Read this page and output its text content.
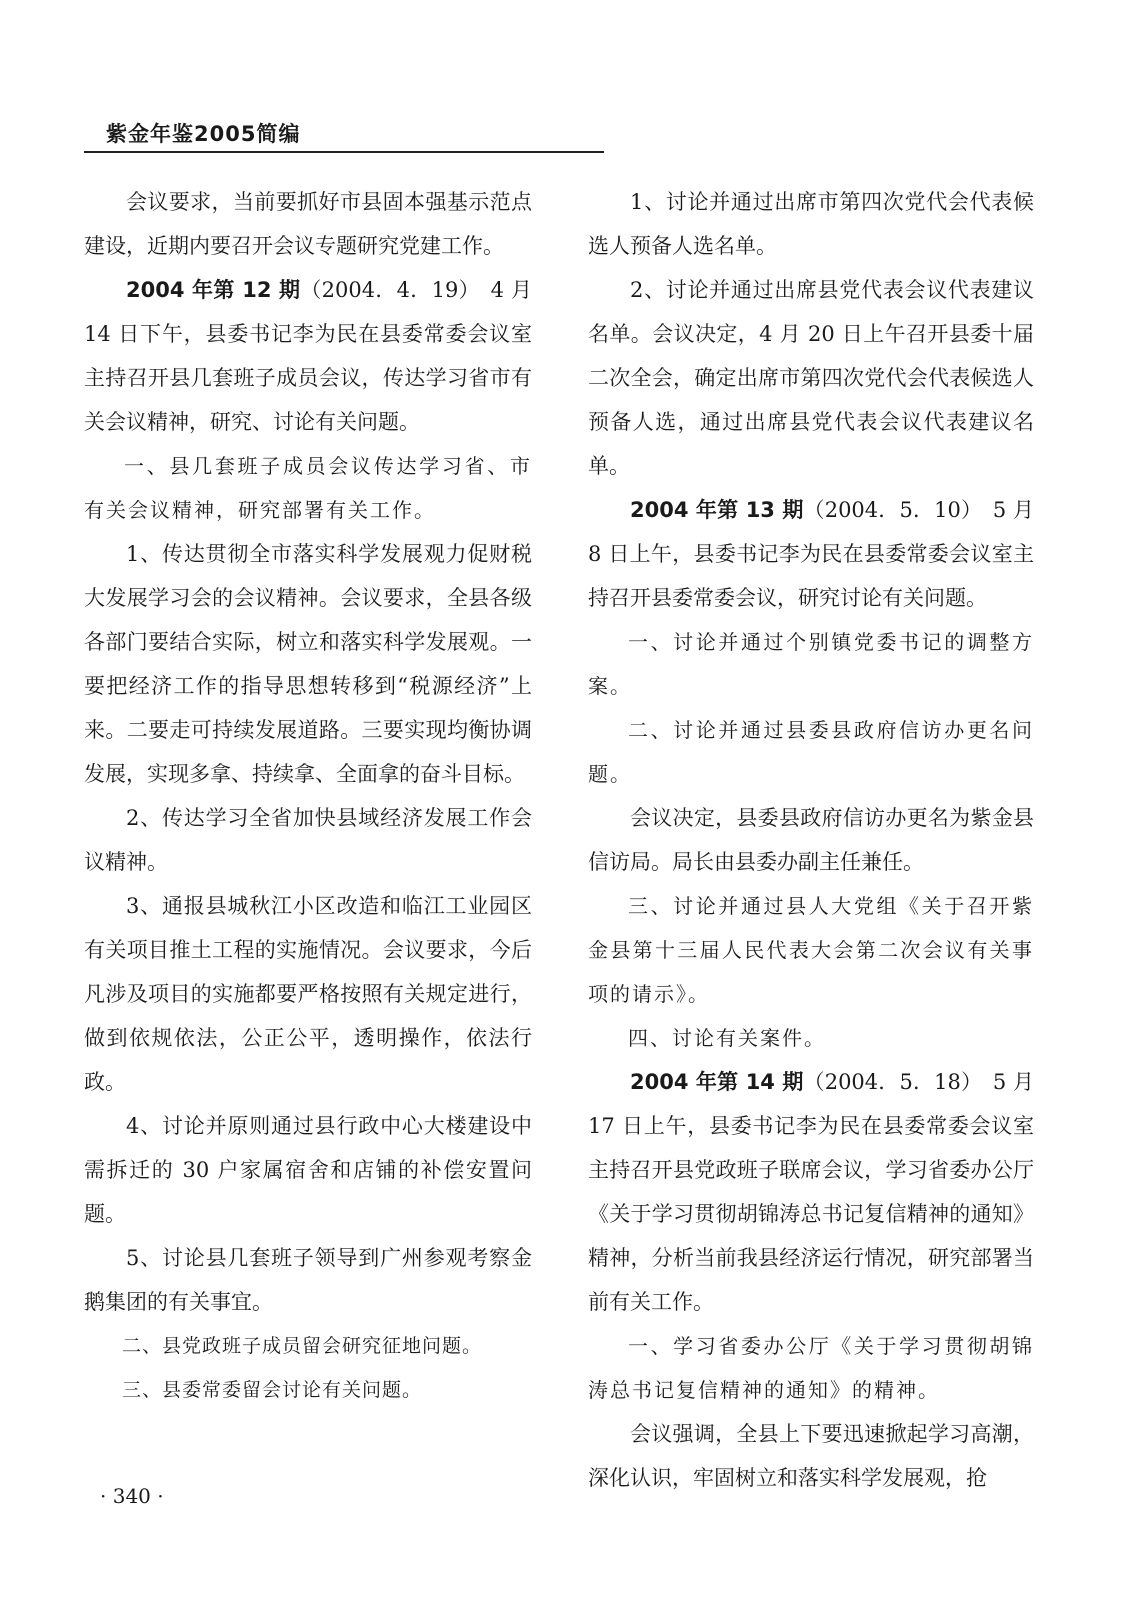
紫金年鉴2005简编

会议要求，当前要抓好市县固本强基示范点建设，近期内要召开会议专题研究党建工作。

2004 年第 12 期（2004．4．19）　4 月 14 日下午，县委书记李为民在县委常委会议室主持召开县几套班子成员会议，传达学习省市有关会议精神，研究、讨论有关问题。

一、县几套班子成员会议传达学习省、市有关会议精神，研究部署有关工作。

1、传达贯彻全市落实科学发展观力促财税大发展学习会的会议精神。会议要求，全县各级各部门要结合实际，树立和落实科学发展观。一要把经济工作的指导思想转移到“税源经济”上来。二要走可持续发展道路。三要实现均衡协调发展，实现多拿、持续拿、全面拿的奋斗目标。

2、传达学习全省加快县域经济发展工作会议精神。

3、通报县城秋江小区改造和临江工业园区有关项目推土工程的实施情况。会议要求，今后凡涉及项目的实施都要严格按照有关规定进行，做到依规依法，公正公平，透明操作，依法行政。

4、讨论并原则通过县行政中心大楼建设中需拆迁的 30 户家属宿舍和店铺的补偿安置问题。

5、讨论县几套班子领导到广州参观考察金鹅集团的有关事宜。

二、县党政班子成员留会研究征地问题。

三、县委常委留会讨论有关问题。

1、讨论并通过出席市第四次党代会代表候选人预备人选名单。

2、讨论并通过出席县党代表会议代表建议名单。会议决定，4 月 20 日上午召开县委十届二次全会，确定出席市第四次党代会代表候选人预备人选，通过出席县党代表会议代表建议名单。

2004 年第 13 期（2004．5．10）　5 月 8 日上午，县委书记李为民在县委常委会议室主持召开县委常委会议，研究讨论有关问题。

一、讨论并通过个别镇党委书记的调整方案。

二、讨论并通过县委县政府信访办更名问题。

会议决定，县委县政府信访办更名为紫金县信访局。局长由县委办副主任兼任。

三、讨论并通过县人大党组《关于召开紫金县第十三届人民代表大会第二次会议有关事项的请示》。

四、讨论有关案件。

2004 年第 14 期（2004．5．18）　5 月 17 日上午，县委书记李为民在县委常委会议室主持召开县党政班子联席会议，学习省委办公厅《关于学习贯彻胡锦涛总书记复信精神的通知》精神，分析当前我县经济运行情况，研究部署当前有关工作。

一、学习省委办公厅《关于学习贯彻胡锦涛总书记复信精神的通知》的精神。

会议强调，全县上下要迅速掀起学习高潮，深化认识，牢固树立和落实科学发展观，抢

· 340 ·
